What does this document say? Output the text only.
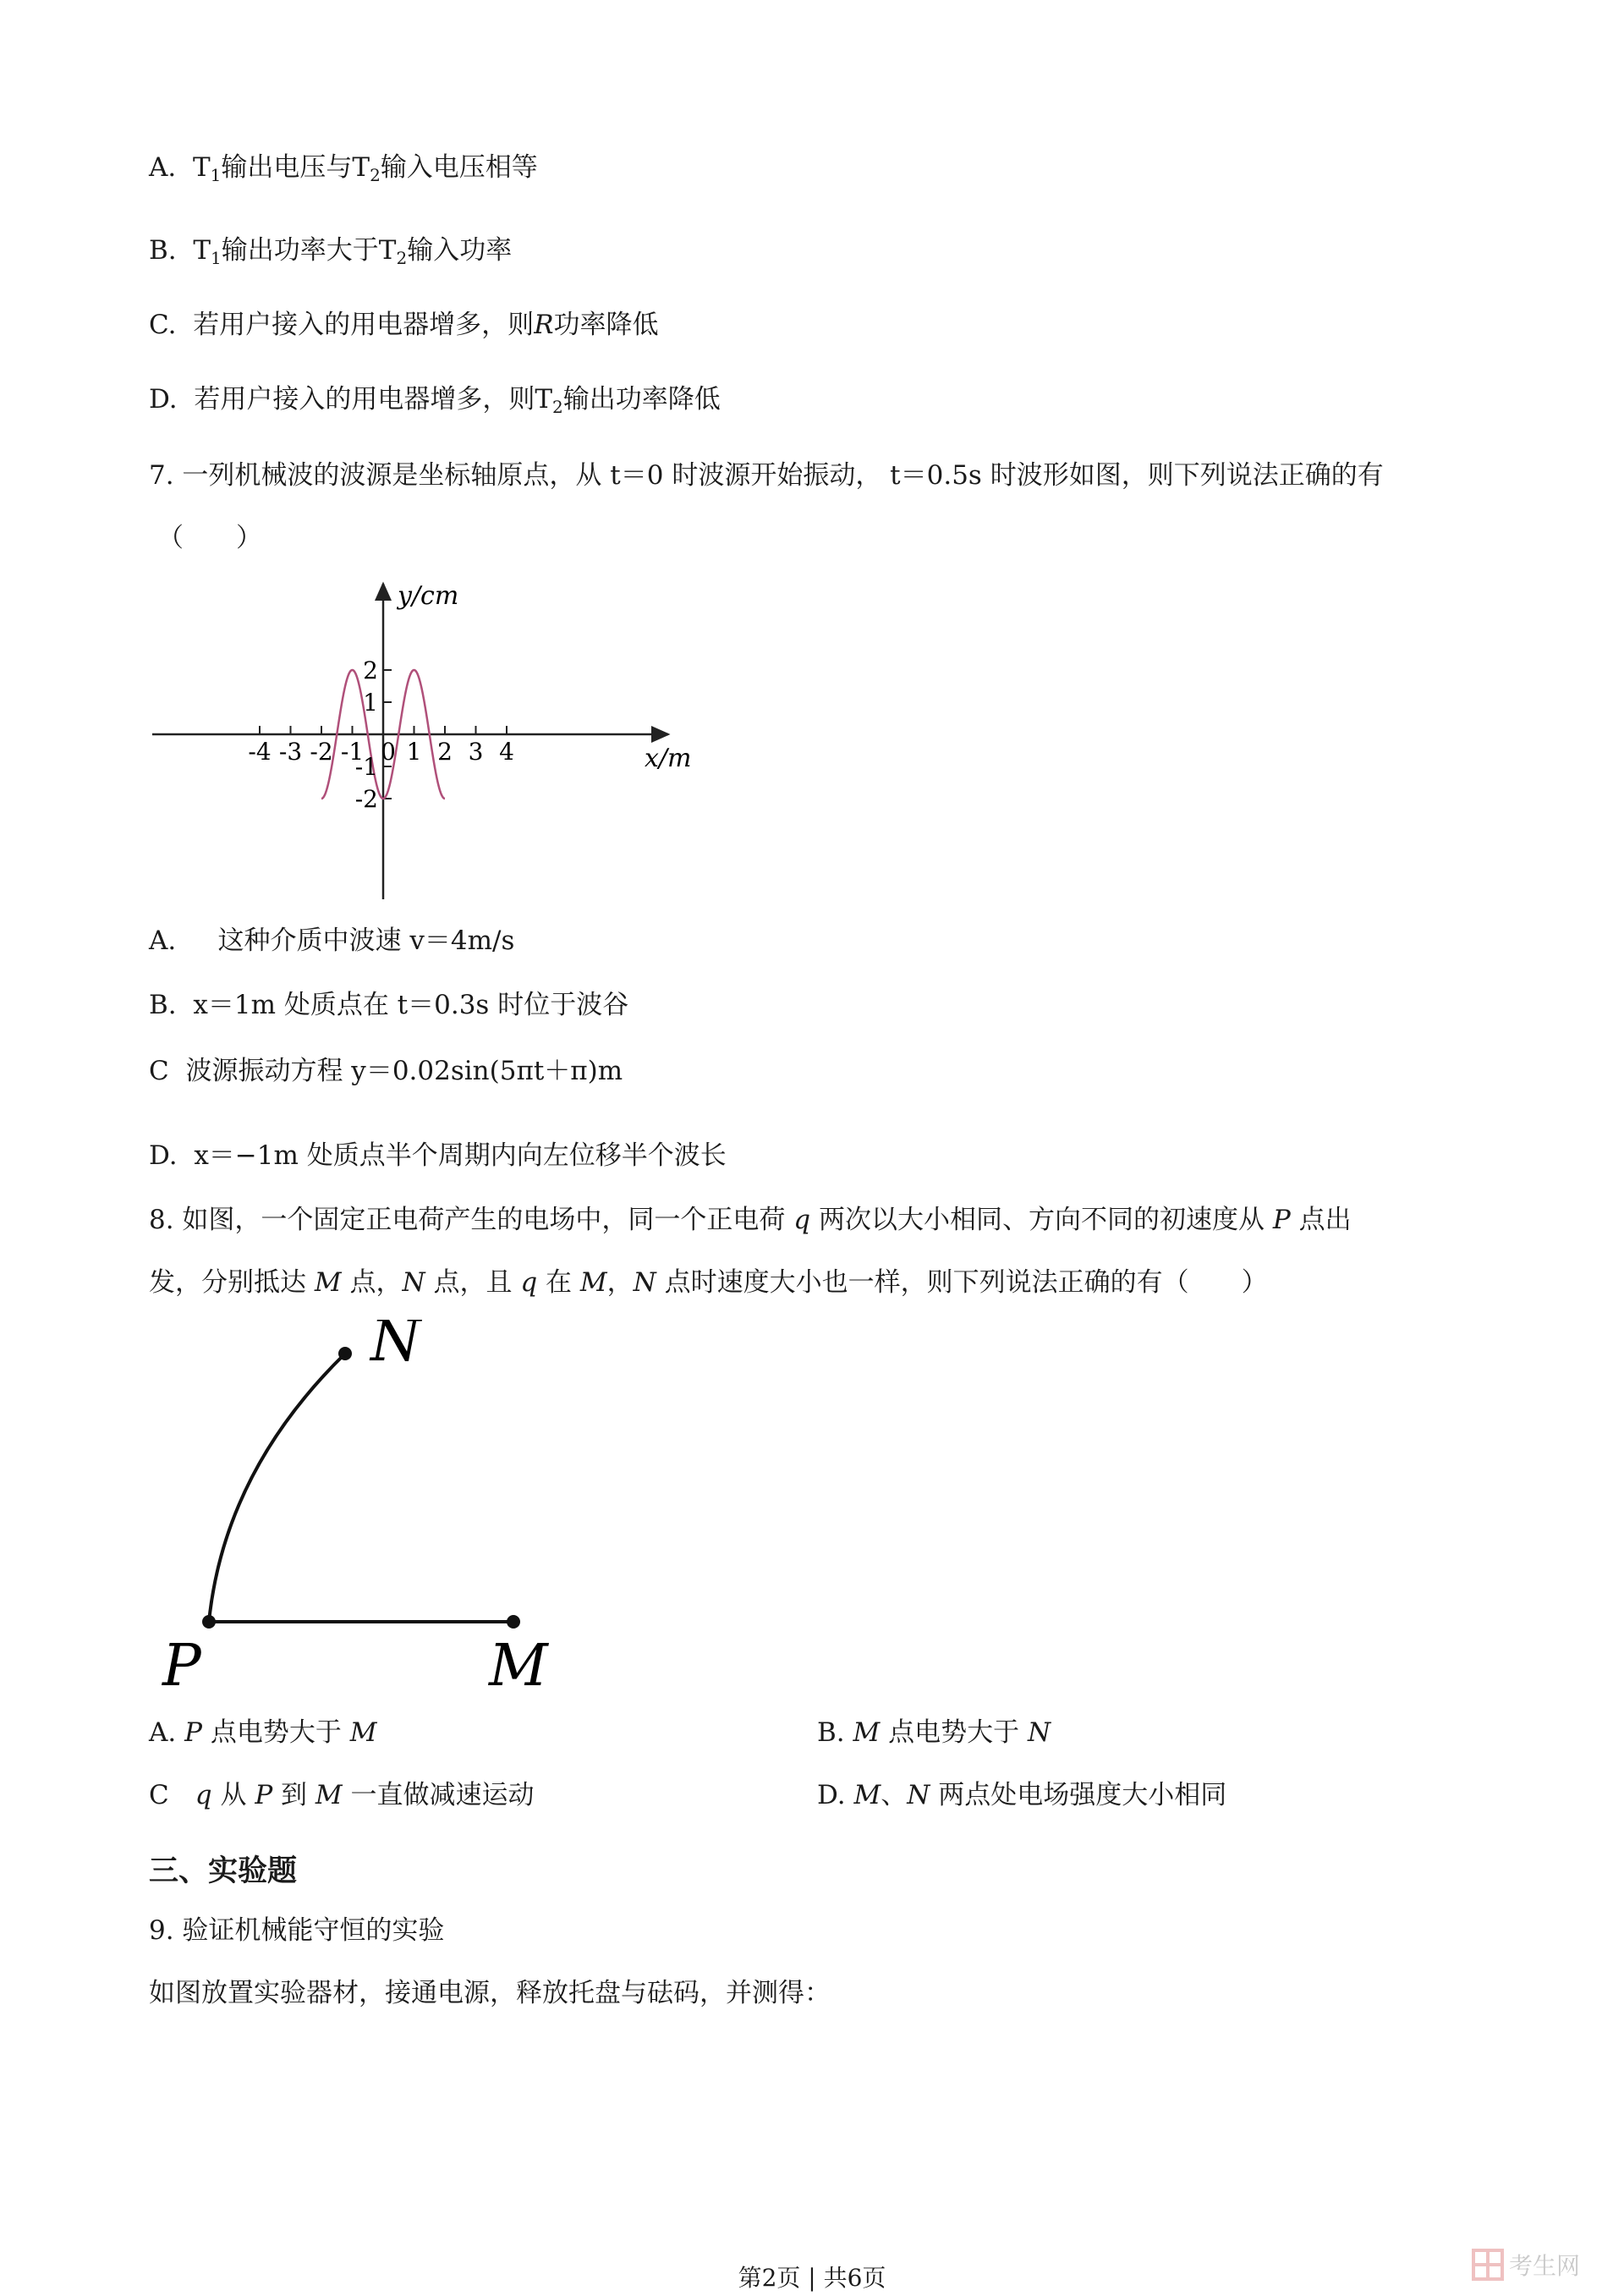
A. $T_1$输出电压与$T_2$输入电压相等
B. $T_1$输出功率大于$T_2$输入功率
C. 若用户接入的用电器增多，则R功率降低
D. 若用户接入的用电器增多，则$T_2$输出功率降低
7. 一列机械波的波源是坐标轴原点，从 t＝0 时波源开始振动， t＝0.5s 时波形如图，则下列说法正确的有
（　　）
y/cm
x/m
-4 -3 -2 -1 0 1 2 3 4
2
1
-1
-2
A. 这种介质中波速 v＝4m/s
B. x＝1m 处质点在 t＝0.3s 时位于波谷
C 波源振动方程 y＝0.02sin(5πt＋π)m
D. x＝−1m 处质点半个周期内向左位移半个波长
8. 如图，一个固定正电荷产生的电场中，同一个正电荷 q 两次以大小相同、方向不同的初速度从 P 点出
发，分别抵达 M 点，N 点，且 q 在 M，N 点时速度大小也一样，则下列说法正确的有（　　）
N
P	M
A. P 点电势大于 M	B. M 点电势大于 N
C　q 从 P 到 M 一直做减速运动	D. M、N 两点处电场强度大小相同
三、实验题
9. 验证机械能守恒的实验
如图放置实验器材，接通电源，释放托盘与砝码，并测得：
第2页 | 共6页	考生网
